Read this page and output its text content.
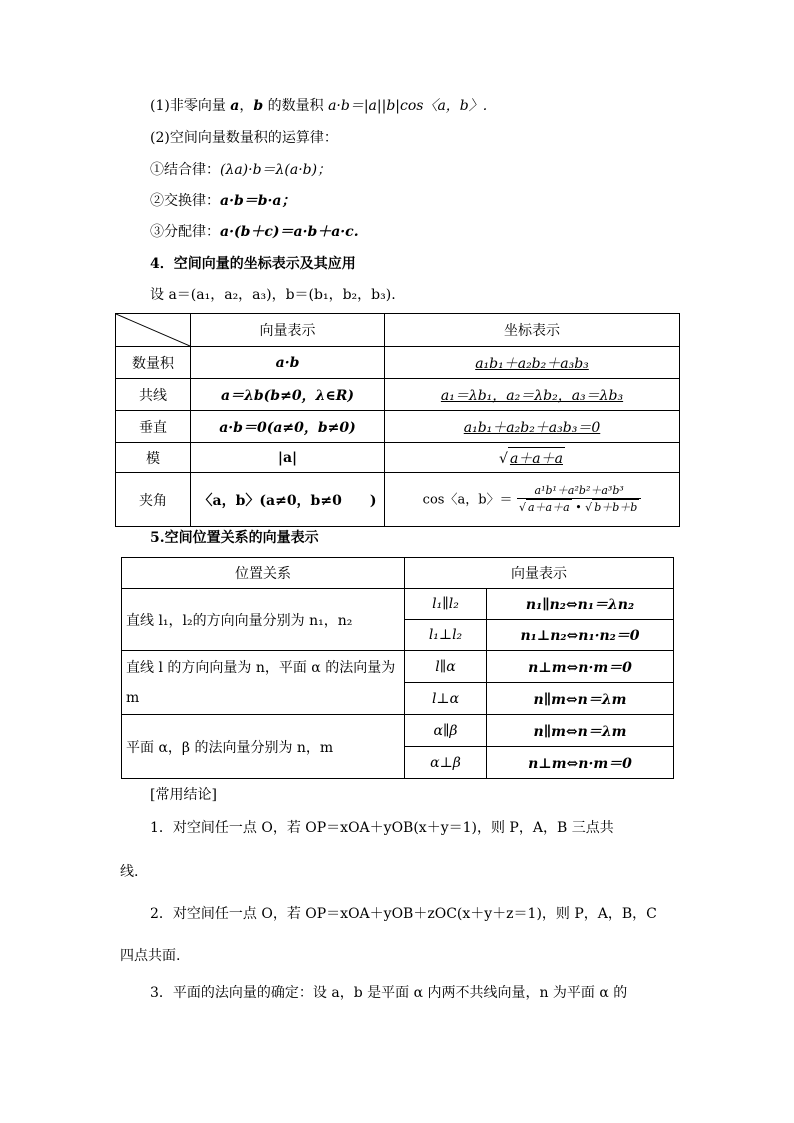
(1)非零向量 a，b 的数量积 a·b＝|a||b|cos〈a，b〉.
(2)空间向量数量积的运算律：
①结合律：(λa)·b＝λ(a·b)；
②交换律：a·b＝b·a；
③分配律：a·(b＋c)＝a·b＋a·c.
4．空间向量的坐标表示及其应用
设 a＝(a₁，a₂，a₃)，b＝(b₁，b₂，b₃).
	向量表示	坐标表示
数量积	a·b	a₁b₁＋a₂b₂＋a₃b₃
共线	a＝λb(b≠0，λ∈R)	a₁＝λb₁，a₂＝λb₂，a₃＝λb₃
垂直	a·b＝0(a≠0，b≠0)	a₁b₁＋a₂b₂＋a₃b₃＝0
模	|a|	√ a＋a＋a
夹角	〈a，b〉(a≠0，b≠0　　)	cos〈a，b〉＝ $\frac{\text{a¹b¹＋a²b²＋a³b³}}{√ a+a+a • √ b+b+b}$
5.空间位置关系的向量表示
位置关系	向量表示	
直线 l₁，l₂的方向向量分别为 n₁，n₂	l₁∥l₂	n₁∥n₂⇔n₁＝λn₂
	l₁⊥l₂	n₁⊥n₂⇔n₁·n₂＝0
直线 l 的方向向量为 n，平面 α 的法向量为 m	l∥α	n⊥m⇔n·m＝0
	l⊥α	n∥m⇔n＝λm
平面 α，β 的法向量分别为 n，m	α∥β	n∥m⇔n＝λm
	α⊥β	n⊥m⇔n·m＝0
[常用结论]
1．对空间任一点 O，若 OP＝xOA＋yOB(x＋y＝1)，则 P，A，B 三点共
线.
2．对空间任一点 O，若 OP＝xOA＋yOB＋zOC(x＋y＋z＝1)，则 P，A，B，C
四点共面.
3．平面的法向量的确定：设 a，b 是平面 α 内两不共线向量，n 为平面 α 的
